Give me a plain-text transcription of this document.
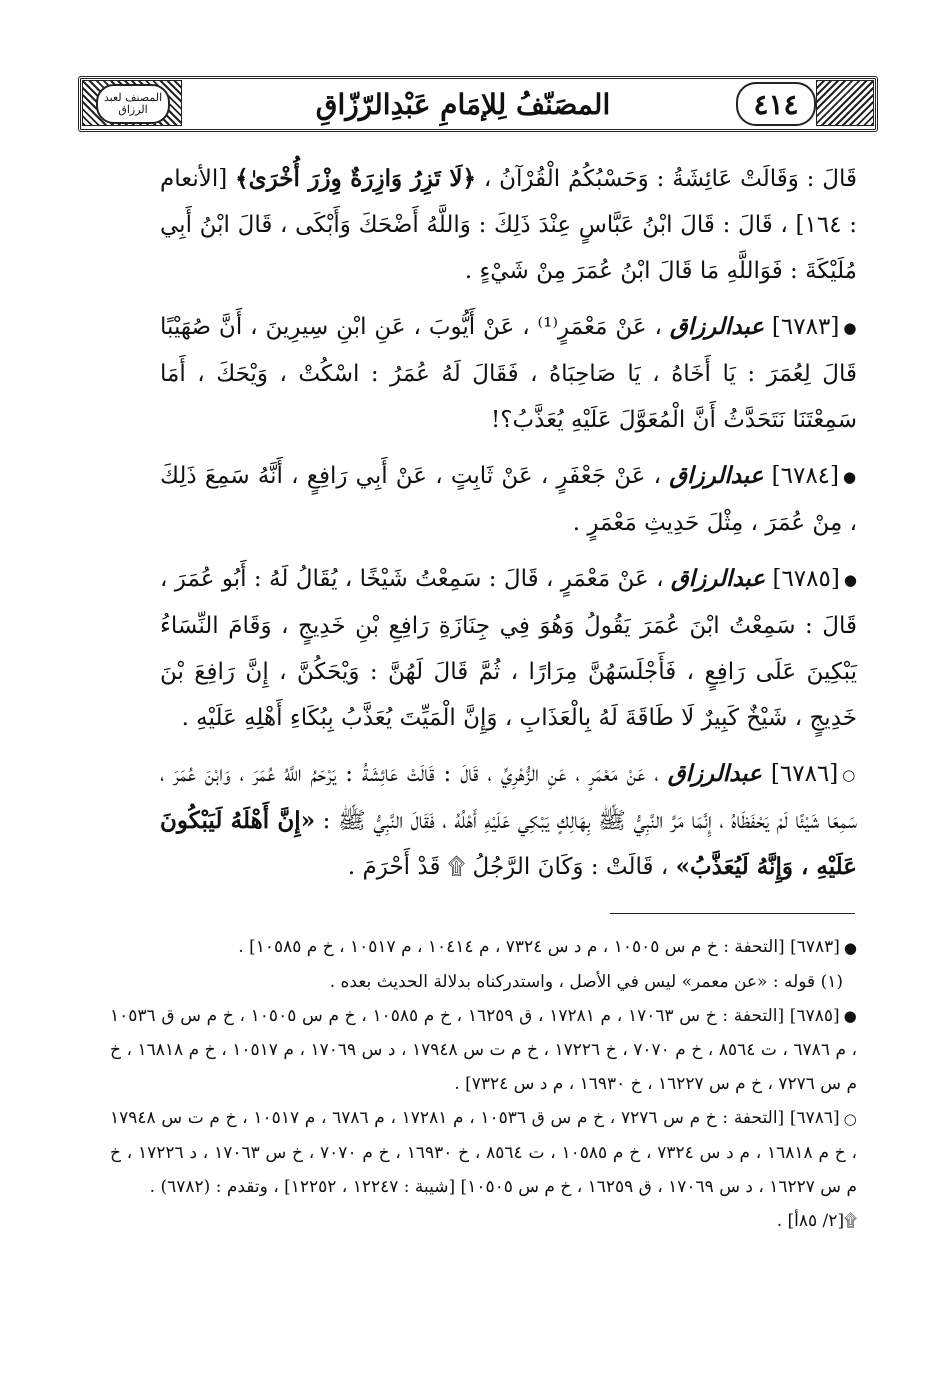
المصنف لعبد الرزاق	المصَنّفُ لِلإمَامِ عَبْدِالرّزّاقِ	٤١٤

قَالَ : وَقَالَتْ عَائِشَةُ : وَحَسْبُكُمُ الْقُرْآنُ ، ﴿لَا تَزِرُ وَازِرَةٌ وِزْرَ أُخْرَىٰ﴾ [الأنعام : ١٦٤] ، قَالَ : قَالَ ابْنُ عَبَّاسٍ عِنْدَ ذَلِكَ : وَاللَّهُ أَضْحَكَ وَأَبْكَى ، قَالَ ابْنُ أَبِي مُلَيْكَةَ : فَوَاللَّهِ مَا قَالَ ابْنُ عُمَرَ مِنْ شَيْءٍ .

●[٦٧٨٣] عبدالرزاق ، عَنْ مَعْمَرٍ⁽¹⁾ ، عَنْ أَيُّوبَ ، عَنِ ابْنِ سِيرِينَ ، أَنَّ صُهَيْبًا قَالَ لِعُمَرَ : يَا أَخَاهُ ، يَا صَاحِبَاهُ ، فَقَالَ لَهُ عُمَرُ : اسْكُتْ ، وَيْحَكَ ، أَمَا سَمِعْتَنَا نَتَحَدَّثُ أَنَّ الْمُعَوَّلَ عَلَيْهِ يُعَذَّبُ؟!

●[٦٧٨٤] عبدالرزاق ، عَنْ جَعْفَرٍ ، عَنْ ثَابِتٍ ، عَنْ أَبِي رَافِعٍ ، أَنَّهُ سَمِعَ ذَلِكَ ، مِنْ عُمَرَ ، مِثْلَ حَدِيثِ مَعْمَرٍ .

●[٦٧٨٥] عبدالرزاق ، عَنْ مَعْمَرٍ ، قَالَ : سَمِعْتُ شَيْخًا ، يُقَالُ لَهُ : أَبُو عُمَرَ ، قَالَ : سَمِعْتُ ابْنَ عُمَرَ يَقُولُ وَهُوَ فِي جِنَازَةِ رَافِعِ بْنِ خَدِيجٍ ، وَقَامَ النِّسَاءُ يَبْكِينَ عَلَى رَافِعٍ ، فَأَجْلَسَهُنَّ مِرَارًا ، ثُمَّ قَالَ لَهُنَّ : وَيْحَكُنَّ ، إِنَّ رَافِعَ بْنَ خَدِيجٍ ، شَيْخٌ كَبِيرٌ لَا طَاقَةَ لَهُ بِالْعَذَابِ ، وَإِنَّ الْمَيِّتَ يُعَذَّبُ بِبُكَاءِ أَهْلِهِ عَلَيْهِ .

○[٦٧٨٦] عبدالرزاق ، عَنْ مَعْمَرٍ ، عَنِ الزُّهْرِيِّ ، قَالَ : قَالَتْ عَائِشَةُ : يَرْحَمُ اللَّهُ عُمَرَ ، وَابْنَ عُمَرَ ، سَمِعَا شَيْئًا لَمْ يَحْفَظَاهُ ، إِنَّمَا مَرَّ النَّبِيُّ ﷺ بِهَالِكٍ يَبْكِي عَلَيْهِ أَهْلُهُ ، فَقَالَ النَّبِيُّ ﷺ : «إِنَّ أَهْلَهُ لَيَبْكُونَ عَلَيْهِ ، وَإِنَّهُ لَيُعَذَّبُ» ، قَالَتْ : وَكَانَ الرَّجُلُ ۩ قَدْ أَحْرَمَ .

●[٦٧٨٣] [التحفة : خ م س ١٠٥٠٥ ، م د س ٧٣٢٤ ، م ١٠٤١٤ ، م ١٠٥١٧ ، خ م ١٠٥٨٥] .

(١) قوله : «عن معمر» ليس في الأصل ، واستدركناه بدلالة الحديث بعده .

●[٦٧٨٥] [التحفة : خ س ١٧٠٦٣ ، م ١٧٢٨١ ، ق ١٦٢٥٩ ، خ م ١٠٥٨٥ ، خ م س ١٠٥٠٥ ، خ م س ق ١٠٥٣٦ ، م ٦٧٨٦ ، ت ٨٥٦٤ ، خ م ٧٠٧٠ ، خ ١٧٢٢٦ ، خ م ت س ١٧٩٤٨ ، د س ١٧٠٦٩ ، م ١٠٥١٧ ، خ م ١٦٨١٨ ، خ م س ٧٢٧٦ ، خ م س ١٦٢٢٧ ، خ ١٦٩٣٠ ، م د س ٧٣٢٤] .

○[٦٧٨٦] [التحفة : خ م س ٧٢٧٦ ، خ م س ق ١٠٥٣٦ ، م ١٧٢٨١ ، م ٦٧٨٦ ، م ١٠٥١٧ ، خ م ت س ١٧٩٤٨ ، خ م ١٦٨١٨ ، م د س ٧٣٢٤ ، خ م ١٠٥٨٥ ، ت ٨٥٦٤ ، خ ١٦٩٣٠ ، خ م ٧٠٧٠ ، خ س ١٧٠٦٣ ، د ١٧٢٢٦ ، خ م س ١٦٢٢٧ ، د س ١٧٠٦٩ ، ق ١٦٢٥٩ ، خ م س ١٠٥٠٥] [شيبة : ١٢٢٤٧ ، ١٢٢٥٢] ، وتقدم : (٦٧٨٢) .

۩[٢/ ٨٥أ] .
